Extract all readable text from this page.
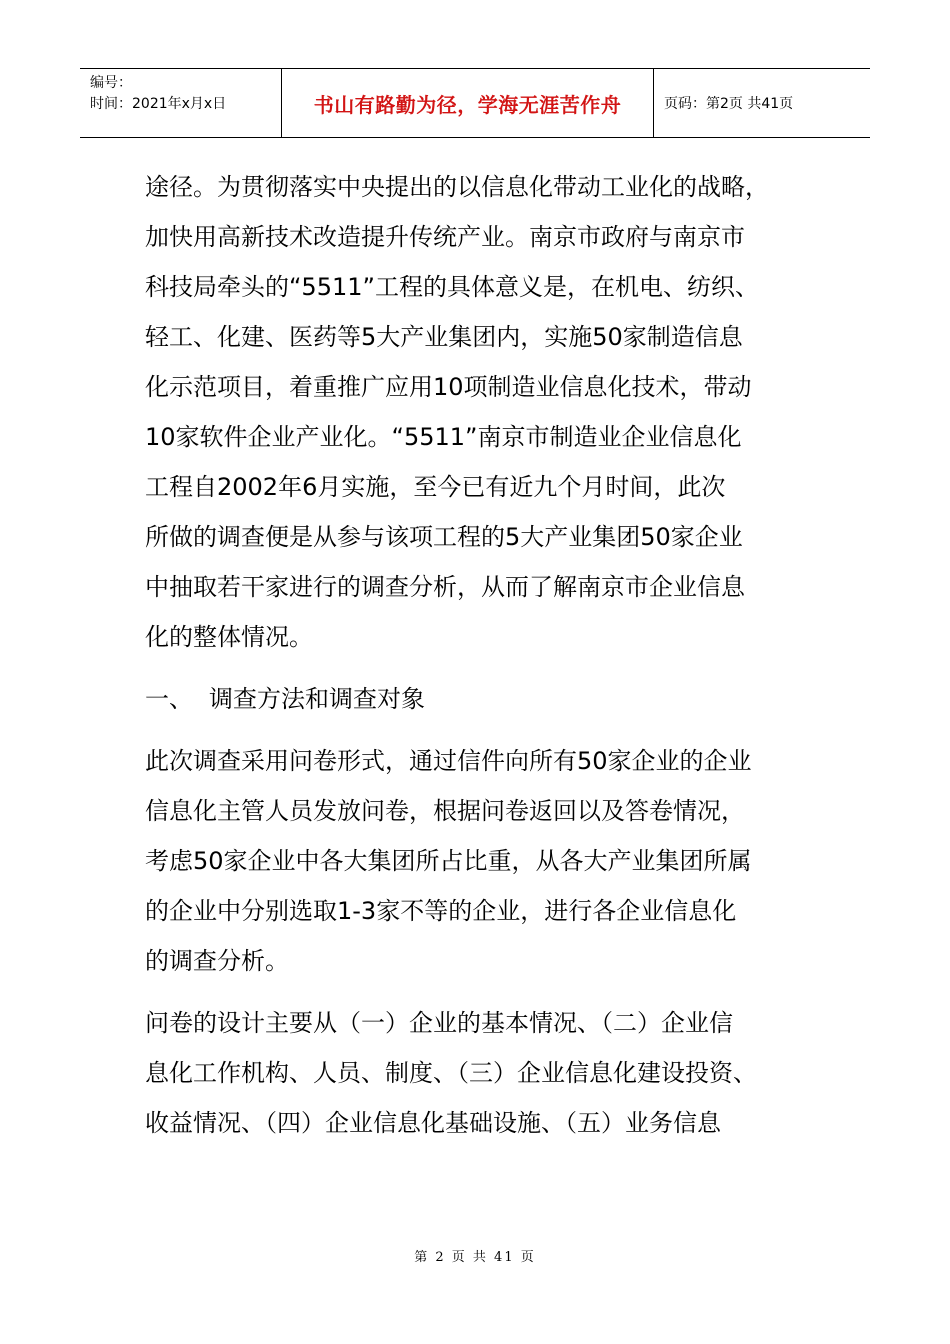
编号：
时间：2021年x月x日	书山有路勤为径，学海无涯苦作舟	页码：第2页 共41页

途径。为贯彻落实中央提出的以信息化带动工业化的战略，
加快用高新技术改造提升传统产业。南京市政府与南京市
科技局牵头的“5511”工程的具体意义是，在机电、纺织、
轻工、化建、医药等5大产业集团内，实施50家制造信息
化示范项目，着重推广应用10项制造业信息化技术，带动
10家软件企业产业化。“5511”南京市制造业企业信息化
工程自2002年6月实施，至今已有近九个月时间，此次
所做的调查便是从参与该项工程的5大产业集团50家企业
中抽取若干家进行的调查分析，从而了解南京市企业信息
化的整体情况。

一、 调查方法和调查对象

此次调查采用问卷形式，通过信件向所有50家企业的企业
信息化主管人员发放问卷，根据问卷返回以及答卷情况，
考虑50家企业中各大集团所占比重，从各大产业集团所属
的企业中分别选取1-3家不等的企业，进行各企业信息化
的调查分析。

问卷的设计主要从（一）企业的基本情况、（二）企业信
息化工作机构、人员、制度、（三）企业信息化建设投资、
收益情况、（四）企业信息化基础设施、（五）业务信息

第 2 页 共 41 页
